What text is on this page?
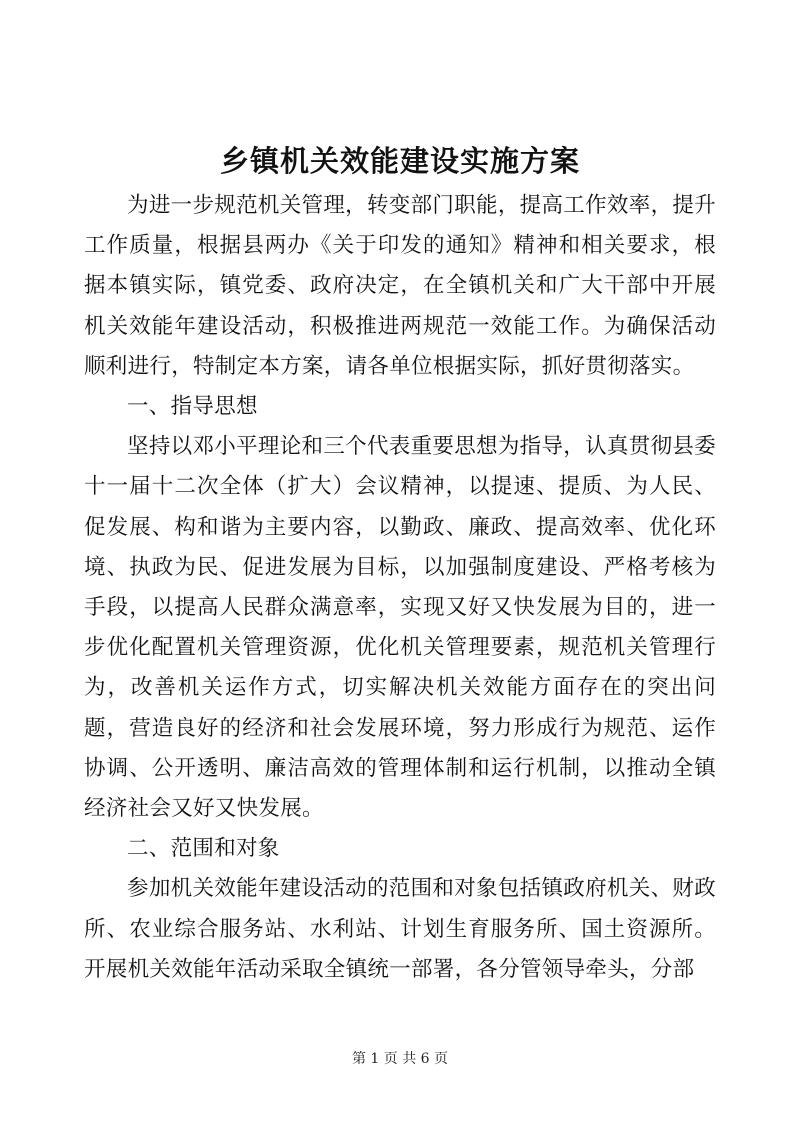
乡镇机关效能建设实施方案

为进一步规范机关管理，转变部门职能，提高工作效率，提升工作质量，根据县两办《关于印发的通知》精神和相关要求，根据本镇实际，镇党委、政府决定，在全镇机关和广大干部中开展机关效能年建设活动，积极推进两规范一效能工作。为确保活动顺利进行，特制定本方案，请各单位根据实际，抓好贯彻落实。

一、指导思想

坚持以邓小平理论和三个代表重要思想为指导，认真贯彻县委十一届十二次全体（扩大）会议精神，以提速、提质、为人民、促发展、构和谐为主要内容，以勤政、廉政、提高效率、优化环境、执政为民、促进发展为目标，以加强制度建设、严格考核为手段，以提高人民群众满意率，实现又好又快发展为目的，进一步优化配置机关管理资源，优化机关管理要素，规范机关管理行为，改善机关运作方式，切实解决机关效能方面存在的突出问题，营造良好的经济和社会发展环境，努力形成行为规范、运作协调、公开透明、廉洁高效的管理体制和运行机制，以推动全镇经济社会又好又快发展。

二、范围和对象

参加机关效能年建设活动的范围和对象包括镇政府机关、财政所、农业综合服务站、水利站、计划生育服务所、国土资源所。开展机关效能年活动采取全镇统一部署，各分管领导牵头，分部

第 1 页 共 6 页
